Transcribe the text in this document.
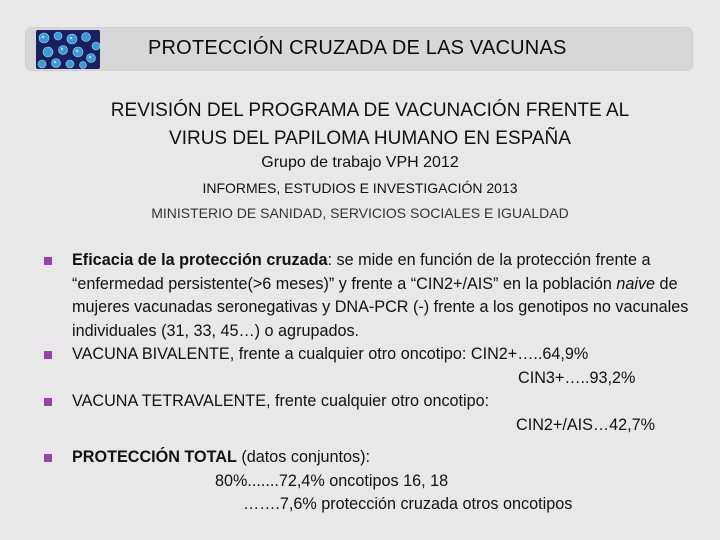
PROTECCIÓN CRUZADA DE LAS VACUNAS
REVISIÓN DEL PROGRAMA DE VACUNACIÓN FRENTE AL
VIRUS DEL PAPILOMA HUMANO EN ESPAÑA
Grupo de trabajo VPH 2012
INFORMES, ESTUDIOS E INVESTIGACIÓN 2013
MINISTERIO DE SANIDAD, SERVICIOS SOCIALES E IGUALDAD
Eficacia de la protección cruzada: se mide en función de la protección frente a “enfermedad persistente(>6 meses)” y frente a “CIN2+/AIS” en la población naive de mujeres vacunadas seronegativas y DNA-PCR (-) frente a los genotipos no vacunales individuales (31, 33, 45…) o agrupados.
VACUNA BIVALENTE, frente a cualquier otro oncotipo: CIN2+…..64,9%
CIN3+…..93,2%
VACUNA TETRAVALENTE, frente cualquier otro oncotipo:
CIN2+/AIS…42,7%
PROTECCIÓN TOTAL (datos conjuntos):
80%.......72,4% oncotipos 16, 18
…….7,6% protección cruzada otros oncotipos
